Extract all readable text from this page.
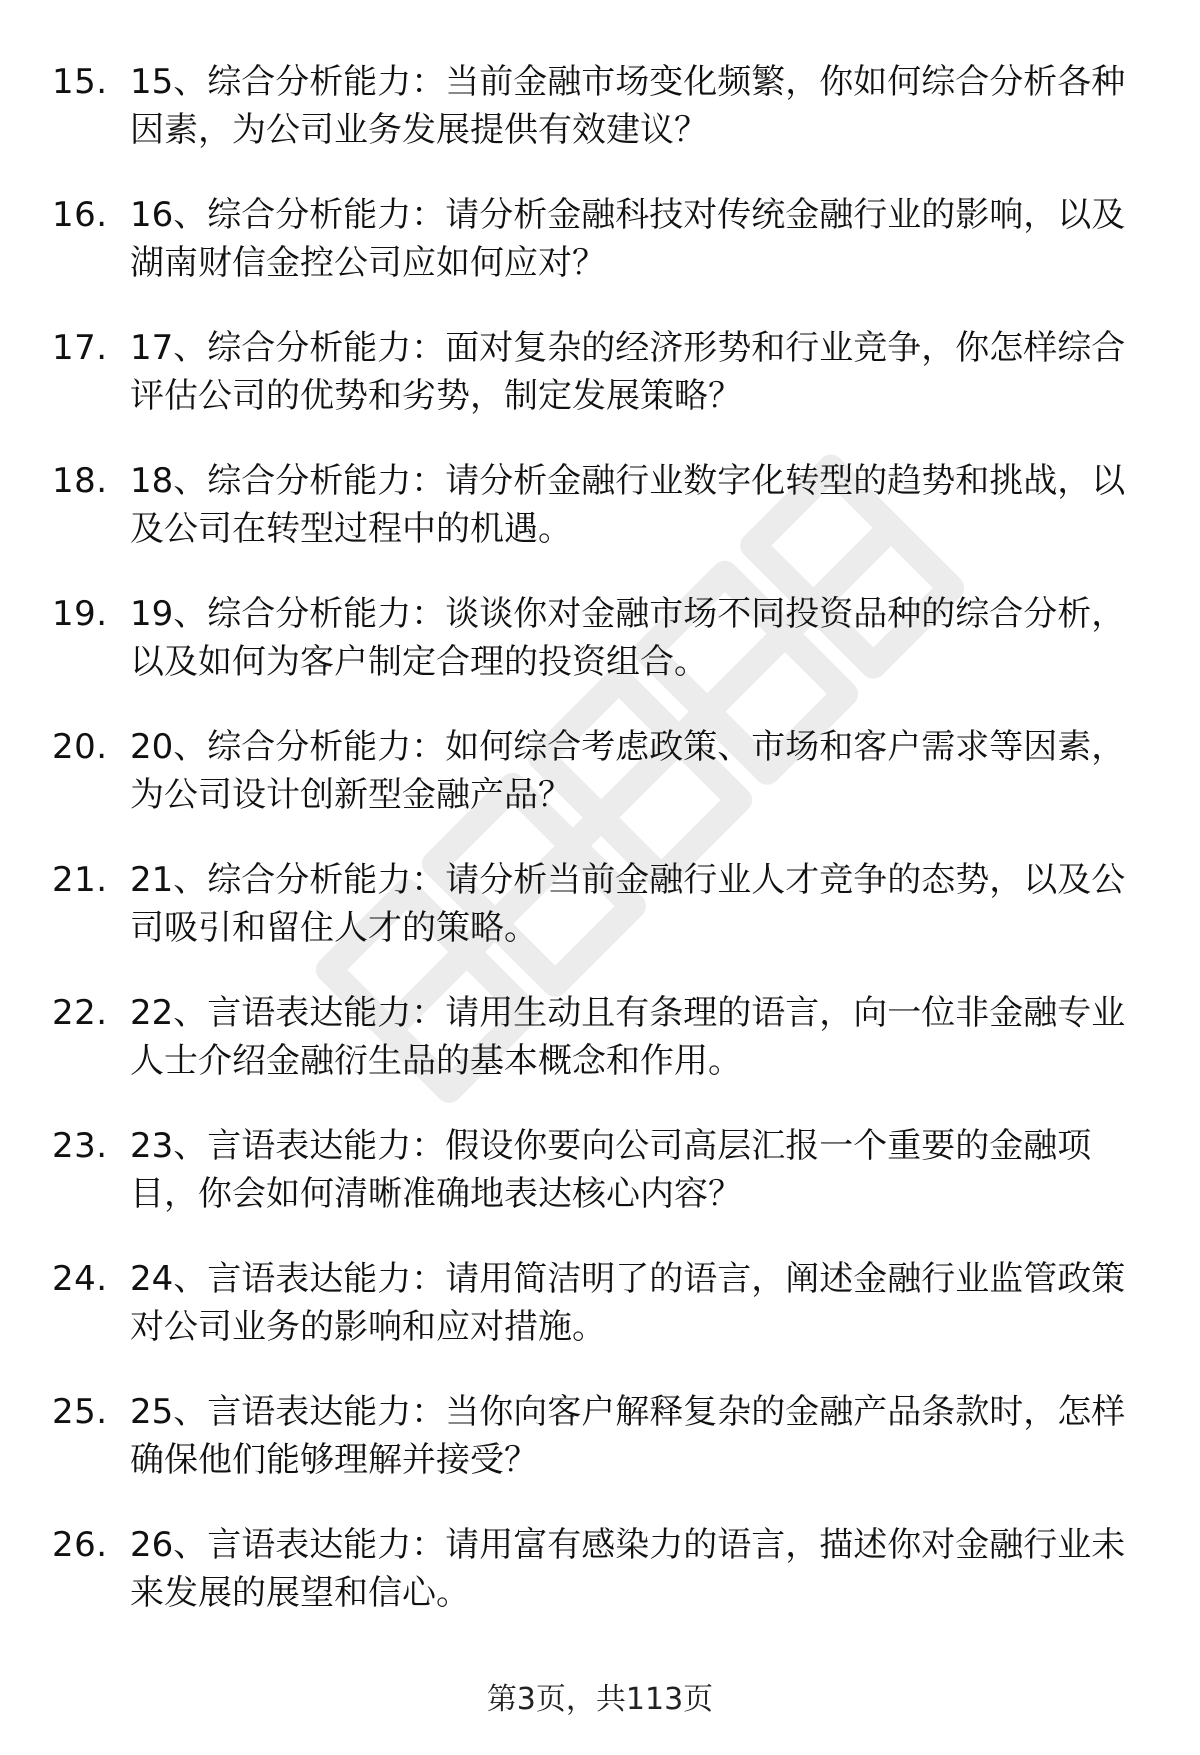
15. 15、综合分析能力：当前金融市场变化频繁，你如何综合分析各种因素，为公司业务发展提供有效建议？
16. 16、综合分析能力：请分析金融科技对传统金融行业的影响，以及湖南财信金控公司应如何应对？
17. 17、综合分析能力：面对复杂的经济形势和行业竞争，你怎样综合评估公司的优势和劣势，制定发展策略？
18. 18、综合分析能力：请分析金融行业数字化转型的趋势和挑战，以及公司在转型过程中的机遇。
19. 19、综合分析能力：谈谈你对金融市场不同投资品种的综合分析，以及如何为客户制定合理的投资组合。
20. 20、综合分析能力：如何综合考虑政策、市场和客户需求等因素，为公司设计创新型金融产品？
21. 21、综合分析能力：请分析当前金融行业人才竞争的态势，以及公司吸引和留住人才的策略。
22. 22、言语表达能力：请用生动且有条理的语言，向一位非金融专业人士介绍金融衍生品的基本概念和作用。
23. 23、言语表达能力：假设你要向公司高层汇报一个重要的金融项目，你会如何清晰准确地表达核心内容？
24. 24、言语表达能力：请用简洁明了的语言，阐述金融行业监管政策对公司业务的影响和应对措施。
25. 25、言语表达能力：当你向客户解释复杂的金融产品条款时，怎样确保他们能够理解并接受？
26. 26、言语表达能力：请用富有感染力的语言，描述你对金融行业未来发展的展望和信心。
第3页，共113页
